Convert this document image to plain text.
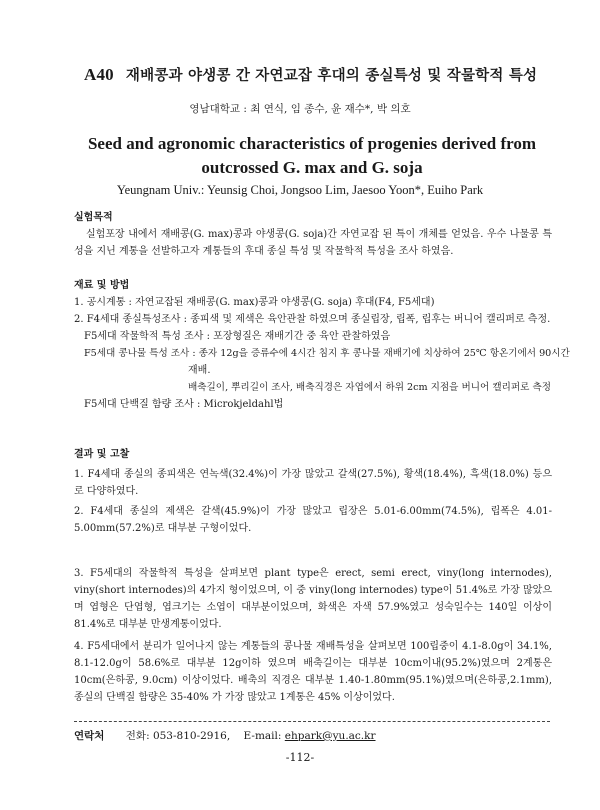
A40 재배콩과 야생콩 간 자연교잡 후대의 종실특성 및 작물학적 특성
영남대학교 : 최 연식, 임 종수, 윤 재수*, 박 의호
Seed and agronomic characteristics of progenies derived from outcrossed G. max and G. soja
Yeungnam Univ.: Yeunsig Choi, Jongsoo Lim, Jaesoo Yoon*, Euiho Park
실험목적

실험포장 내에서 재배콩(G. max)콩과 야생콩(G. soja)간 자연교잡 된 특이 개체를 얻었음. 우수 나물콩 특성을 지닌 계통을 선발하고자 계통들의 후대 종실 특성 및 작물학적 특성을 조사 하였음.

재료 및 방법
1. 공시계통 : 자연교잡된 재배콩(G. max)콩과 야생콩(G. soja) 후대(F4, F5세대)
2. F4세대 종실특성조사 : 종피색 및 제색은 육안관찰 하였으며 종실립장, 립폭, 립후는 버니어 캘리퍼로 측정.
F5세대 작물학적 특성 조사 : 포장형질은 재배기간 중 육안 관찰하였음
F5세대 콩나물 특성 조사 : 종자 12g을 증류수에 4시간 침지 후 콩나물 재배기에 치상하여 25℃ 항온기에서 90시간
재배.
배축길이, 뿌리길이 조사, 배축직경은 자엽에서 하위 2cm 지점을 버니어 캘리퍼로 측정
F5세대 단백질 함량 조사 : Microkjeldahl법
결과 및 고찰
1. F4세대 종실의 종피색은 연녹색(32.4%)이 가장 많았고 갈색(27.5%), 황색(18.4%), 흑색(18.0%) 등으로 다양하였다.
2. F4세대 종실의 제색은 갈색(45.9%)이 가장 많았고 립장은 5.01-6.00mm(74.5%), 립폭은 4.01-5.00mm(57.2%)로 대부분 구형이었다.
3. F5세대의 작물학적 특성을 살펴보면 plant type은 erect, semi erect, viny(long internodes), viny(short internodes)의 4가지 형이었으며, 이 중 viny(long internodes) type이 51.4%로 가장 많았으며 엽형은 단엽형, 엽크기는 소엽이 대부분이었으며, 화색은 자색 57.9%였고 성숙일수는 140일 이상이 81.4%로 대부분 만생계통이었다.
4. F5세대에서 분리가 일어나지 않는 계통들의 콩나물 재배특성을 살펴보면 100립중이 4.1-8.0g이 34.1%, 8.1-12.0g이 58.6%로 대부분 12g이하 였으며 배축길이는 대부분 10cm이내(95.2%)였으며 2계통은 10cm(은하콩, 9.0cm) 이상이었다. 배축의 직경은 대부분 1.40-1.80mm(95.1%)였으며(은하콩,2.1mm), 종실의 단백질 함량은 35-40% 가 가장 많았고 1계통은 45% 이상이었다.
연락처 전화: 053-810-2916, E-mail: ehpark@yu.ac.kr
-112-
